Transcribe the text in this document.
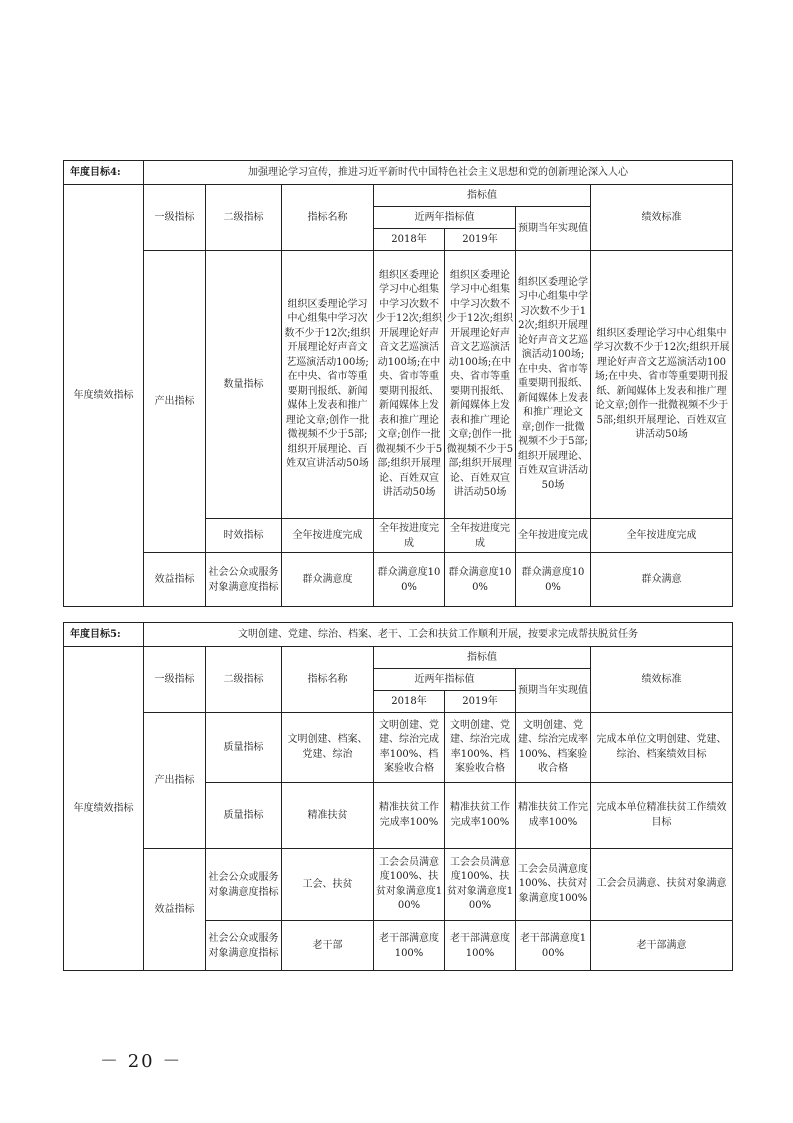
年度目标4:	加强理论学习宣传，推进习近平新时代中国特色社会主义思想和党的创新理论深入人心						
年度绩效指标	一级指标	二级指标	指标名称	指标值			绩效标准
				近两年指标值		预期当年实现值	
				2018年	2019年		
	产出指标	数量指标	组织区委理论学习中心组集中学习次数不少于12次;组织开展理论好声音文艺巡演活动100场;在中央、省市等重要期刊报纸、新闻媒体上发表和推广理论文章;创作一批微视频不少于5部;组织开展理论、百姓双宣讲活动50场	组织区委理论学习中心组集中学习次数不少于12次;组织开展理论好声音文艺巡演活动100场;在中央、省市等重要期刊报纸、新闻媒体上发表和推广理论文章;创作一批微视频不少于5部;组织开展理论、百姓双宣讲活动50场	组织区委理论学习中心组集中学习次数不少于12次;组织开展理论好声音文艺巡演活动100场;在中央、省市等重要期刊报纸、新闻媒体上发表和推广理论文章;创作一批微视频不少于5部;组织开展理论、百姓双宣讲活动50场	组织区委理论学习中心组集中学习次数不少于12次;组织开展理论好声音文艺巡演活动100场;在中央、省市等重要期刊报纸、新闻媒体上发表和推广理论文章;创作一批微视频不少于5部;组织开展理论、百姓双宣讲活动50场	组织区委理论学习中心组集中学习次数不少于12次;组织开展理论好声音文艺巡演活动100场;在中央、省市等重要期刊报纸、新闻媒体上发表和推广理论文章;创作一批微视频不少于5部;组织开展理论、百姓双宣讲活动50场
		时效指标	全年按进度完成	全年按进度完成	全年按进度完成	全年按进度完成	全年按进度完成
	效益指标	社会公众或服务对象满意度指标	群众满意度	群众满意度100%	群众满意度100%	群众满意度100%	群众满意
年度目标5:	文明创建、党建、综治、档案、老干、工会和扶贫工作顺利开展，按要求完成帮扶脱贫任务						
年度绩效指标	一级指标	二级指标	指标名称	指标值			绩效标准
				近两年指标值		预期当年实现值	
				2018年	2019年		
	产出指标	质量指标	文明创建、档案、党建、综治	文明创建、党建、综治完成率100%、档案验收合格	文明创建、党建、综治完成率100%、档案验收合格	文明创建、党建、综治完成率100%、档案验收合格	完成本单位文明创建、党建、综治、档案绩效目标
		质量指标	精准扶贫	精准扶贫工作完成率100%	精准扶贫工作完成率100%	精准扶贫工作完成率100%	完成本单位精准扶贫工作绩效目标
	效益指标	社会公众或服务对象满意度指标	工会、扶贫	工会会员满意度100%、扶贫对象满意度100%	工会会员满意度100%、扶贫对象满意度100%	工会会员满意度100%、扶贫对象满意度100%	工会会员满意、扶贫对象满意
		社会公众或服务对象满意度指标	老干部	老干部满意度100%	老干部满意度100%	老干部满意度100%	老干部满意
－ 20 －
